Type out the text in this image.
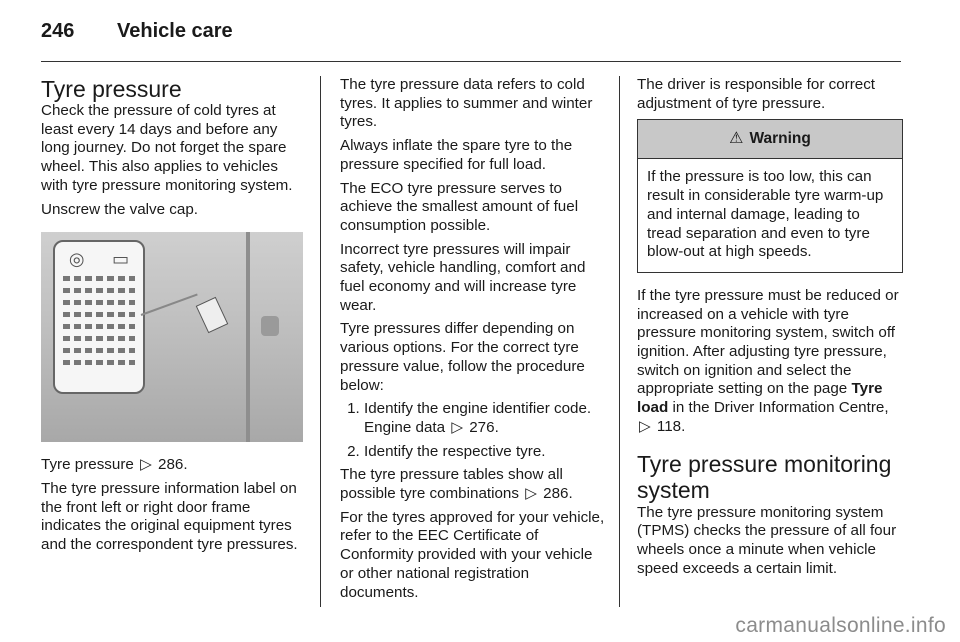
246 Vehicle care
Tyre pressure

Check the pressure of cold tyres at least every 14 days and before any long journey. Do not forget the spare wheel. This also applies to vehicles with tyre pressure monitoring system.

Unscrew the valve cap.

◎ ▭

Tyre pressure ▷ 286.

The tyre pressure information label on the front left or right door frame indicates the original equipment tyres and the correspondent tyre pressures.

The tyre pressure data refers to cold tyres. It applies to summer and winter tyres.

Always inflate the spare tyre to the pressure specified for full load.

The ECO tyre pressure serves to achieve the smallest amount of fuel consumption possible.

Incorrect tyre pressures will impair safety, vehicle handling, comfort and fuel economy and will increase tyre wear.

Tyre pressures differ depending on various options. For the correct tyre pressure value, follow the procedure below:

1. Identify the engine identifier code. Engine data ▷ 276.
2. Identify the respective tyre.

The tyre pressure tables show all possible tyre combinations ▷ 286.

For the tyres approved for your vehicle, refer to the EEC Certificate of Conformity provided with your vehicle or other national registration documents.

The driver is responsible for correct adjustment of tyre pressure.

⚠ Warning
If the pressure is too low, this can result in considerable tyre warm-up and internal damage, leading to tread separation and even to tyre blow-out at high speeds.

If the tyre pressure must be reduced or increased on a vehicle with tyre pressure monitoring system, switch off ignition. After adjusting tyre pressure, switch on ignition and select the appropriate setting on the page Tyre load in the Driver Information Centre, ▷ 118.

Tyre pressure monitoring system

The tyre pressure monitoring system (TPMS) checks the pressure of all four wheels once a minute when vehicle speed exceeds a certain limit.

carmanualsonline.info
